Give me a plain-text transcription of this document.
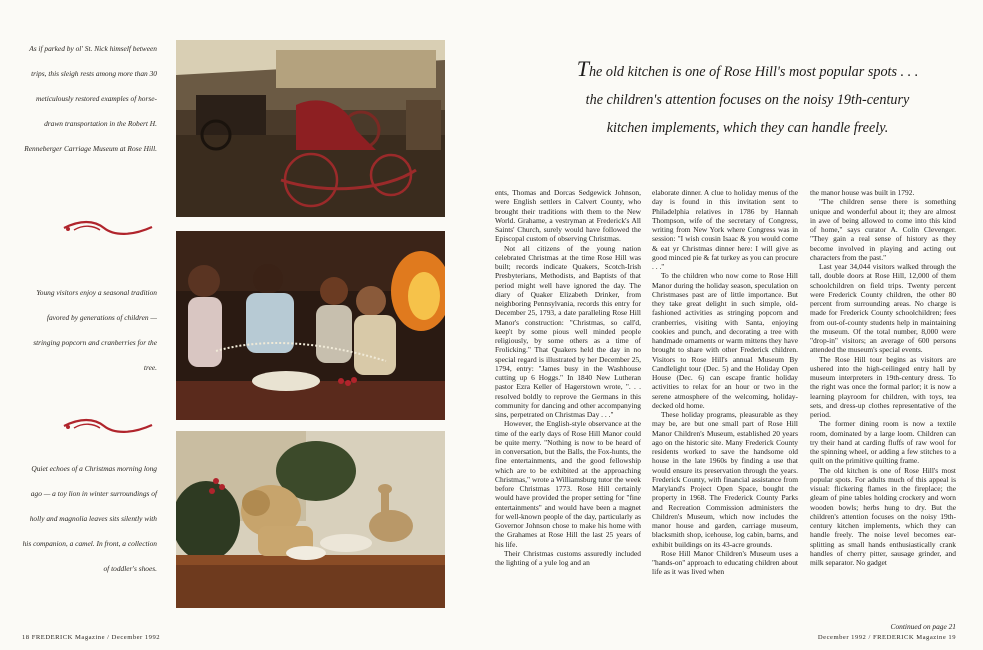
As if parked by ol' St. Nick himself between trips, this sleigh rests among more than 30 meticulously restored examples of horse-drawn transportation in the Robert H. Renneberger Carriage Museum at Rose Hill.
Young visitors enjoy a seasonal tradition favored by generations of children — stringing popcorn and cranberries for the tree.
Quiet echoes of a Christmas morning long ago — a toy lion in winter surroundings of holly and magnolia leaves sits silently with his companion, a camel. In front, a collection of toddler's shoes.
18 FREDERICK Magazine / December 1992
The old kitchen is one of Rose Hill's most popular spots . . . the children's attention focuses on the noisy 19th-century kitchen implements, which they can handle freely.

ents, Thomas and Dorcas Sedgewick Johnson, were English settlers in Calvert County, who brought their traditions with them to the New World. Grahame, a vestryman at Frederick's All Saints' Church, surely would have followed the Episcopal custom of observing Christmas.

Not all citizens of the young nation celebrated Christmas at the time Rose Hill was built; records indicate Quakers, Scotch-Irish Presbyterians, Methodists, and Baptists of that period might well have ignored the day. The diary of Quaker Elizabeth Drinker, from neighboring Pennsylvania, records this entry for December 25, 1793, a date paralleling Rose Hill Manor's construction: "Christmas, so call'd, keep't by some pious well minded people religiously, by some others as a time of Frolicking." That Quakers held the day in no special regard is illustrated by her December 25, 1794, entry: "James busy in the Washhouse cutting up 6 Hoggs." In 1840 New Lutheran pastor Ezra Keller of Hagerstown wrote, ". . . resolved boldly to reprove the Germans in this community for dancing and other accompanying sins, perpetrated on Christmas Day . . ."

However, the English-style observance at the time of the early days of Rose Hill Manor could be quite merry. "Nothing is now to be heard of in conversation, but the Balls, the Fox-hunts, the fine entertainments, and the good fellowship which are to be exhibited at the approaching Christmas," wrote a Williamsburg tutor the week before Christmas 1773. Rose Hill certainly would have provided the proper setting for "fine entertainments" and would have been a magnet for well-known people of the day, particularly as Governor Johnson chose to make his home with the Grahames at Rose Hill the last 25 years of his life.

Their Christmas customs assuredly included the lighting of a yule log and an

elaborate dinner. A clue to holiday menus of the day is found in this invitation sent to Philadelphia relatives in 1786 by Hannah Thompson, wife of the secretary of Congress, writing from New York where Congress was in session: "I wish cousin Isaac & you would come & eat yr Christmas dinner here: I will give as good minced pie & fat turkey as you can procure . . ."

To the children who now come to Rose Hill Manor during the holiday season, speculation on Christmases past are of little importance. But they take great delight in such simple, old-fashioned activities as stringing popcorn and cranberries, visiting with Santa, enjoying cookies and punch, and decorating a tree with handmade ornaments or warm mittens they have brought to share with other Frederick children. Visitors to Rose Hill's annual Museum By Candlelight tour (Dec. 5) and the Holiday Open House (Dec. 6) can escape frantic holiday activities to relax for an hour or two in the serene atmosphere of the welcoming, holiday-decked old home.

These holiday programs, pleasurable as they may be, are but one small part of Rose Hill Manor Children's Museum, established 20 years ago on the historic site. Many Frederick County residents worked to save the handsome old house in the late 1960s by finding a use that would ensure its preservation through the years. Frederick County, with financial assistance from Maryland's Project Open Space, bought the property in 1968. The Frederick County Parks and Recreation Commission administers the Children's Museum, which now includes the manor house and garden, carriage museum, blacksmith shop, icehouse, log cabin, barns, and exhibit buildings on its 43-acre grounds.

Rose Hill Manor Children's Museum uses a "hands-on" approach to educating children about life as it was lived when

the manor house was built in 1792.

"The children sense there is something unique and wonderful about it; they are almost in awe of being allowed to come into this kind of home," says curator A. Colin Clevenger. "They gain a real sense of history as they become involved in playing and acting out characters from the past."

Last year 34,044 visitors walked through the tall, double doors at Rose Hill, 12,000 of them schoolchildren on field trips. Twenty percent were Frederick County children, the other 80 percent from surrounding areas. No charge is made for Frederick County schoolchildren; fees from out-of-county students help in maintaining the museum. Of the total number, 8,000 were "drop-in" visitors; an average of 600 persons attended the museum's special events.

The Rose Hill tour begins as visitors are ushered into the high-ceilinged entry hall by museum interpreters in 19th-century dress. To the right was once the formal parlor; it is now a learning playroom for children, with toys, tea sets, and dress-up clothes representative of the period.

The former dining room is now a textile room, dominated by a large loom. Children can try their hand at carding fluffs of raw wool for the spinning wheel, or adding a few stitches to a quilt on the primitive quilting frame.

The old kitchen is one of Rose Hill's most popular spots. For adults much of this appeal is visual: flickering flames in the fireplace; the gleam of pine tables holding crockery and worn wooden bowls; herbs hung to dry. But the children's attention focuses on the noisy 19th-century kitchen implements, which they can handle freely. The noise level becomes ear-splitting as small hands enthusiastically crank handles of cherry pitter, sausage grinder, and milk separator. No gadget

Continued on page 21
December 1992 / FREDERICK Magazine 19
